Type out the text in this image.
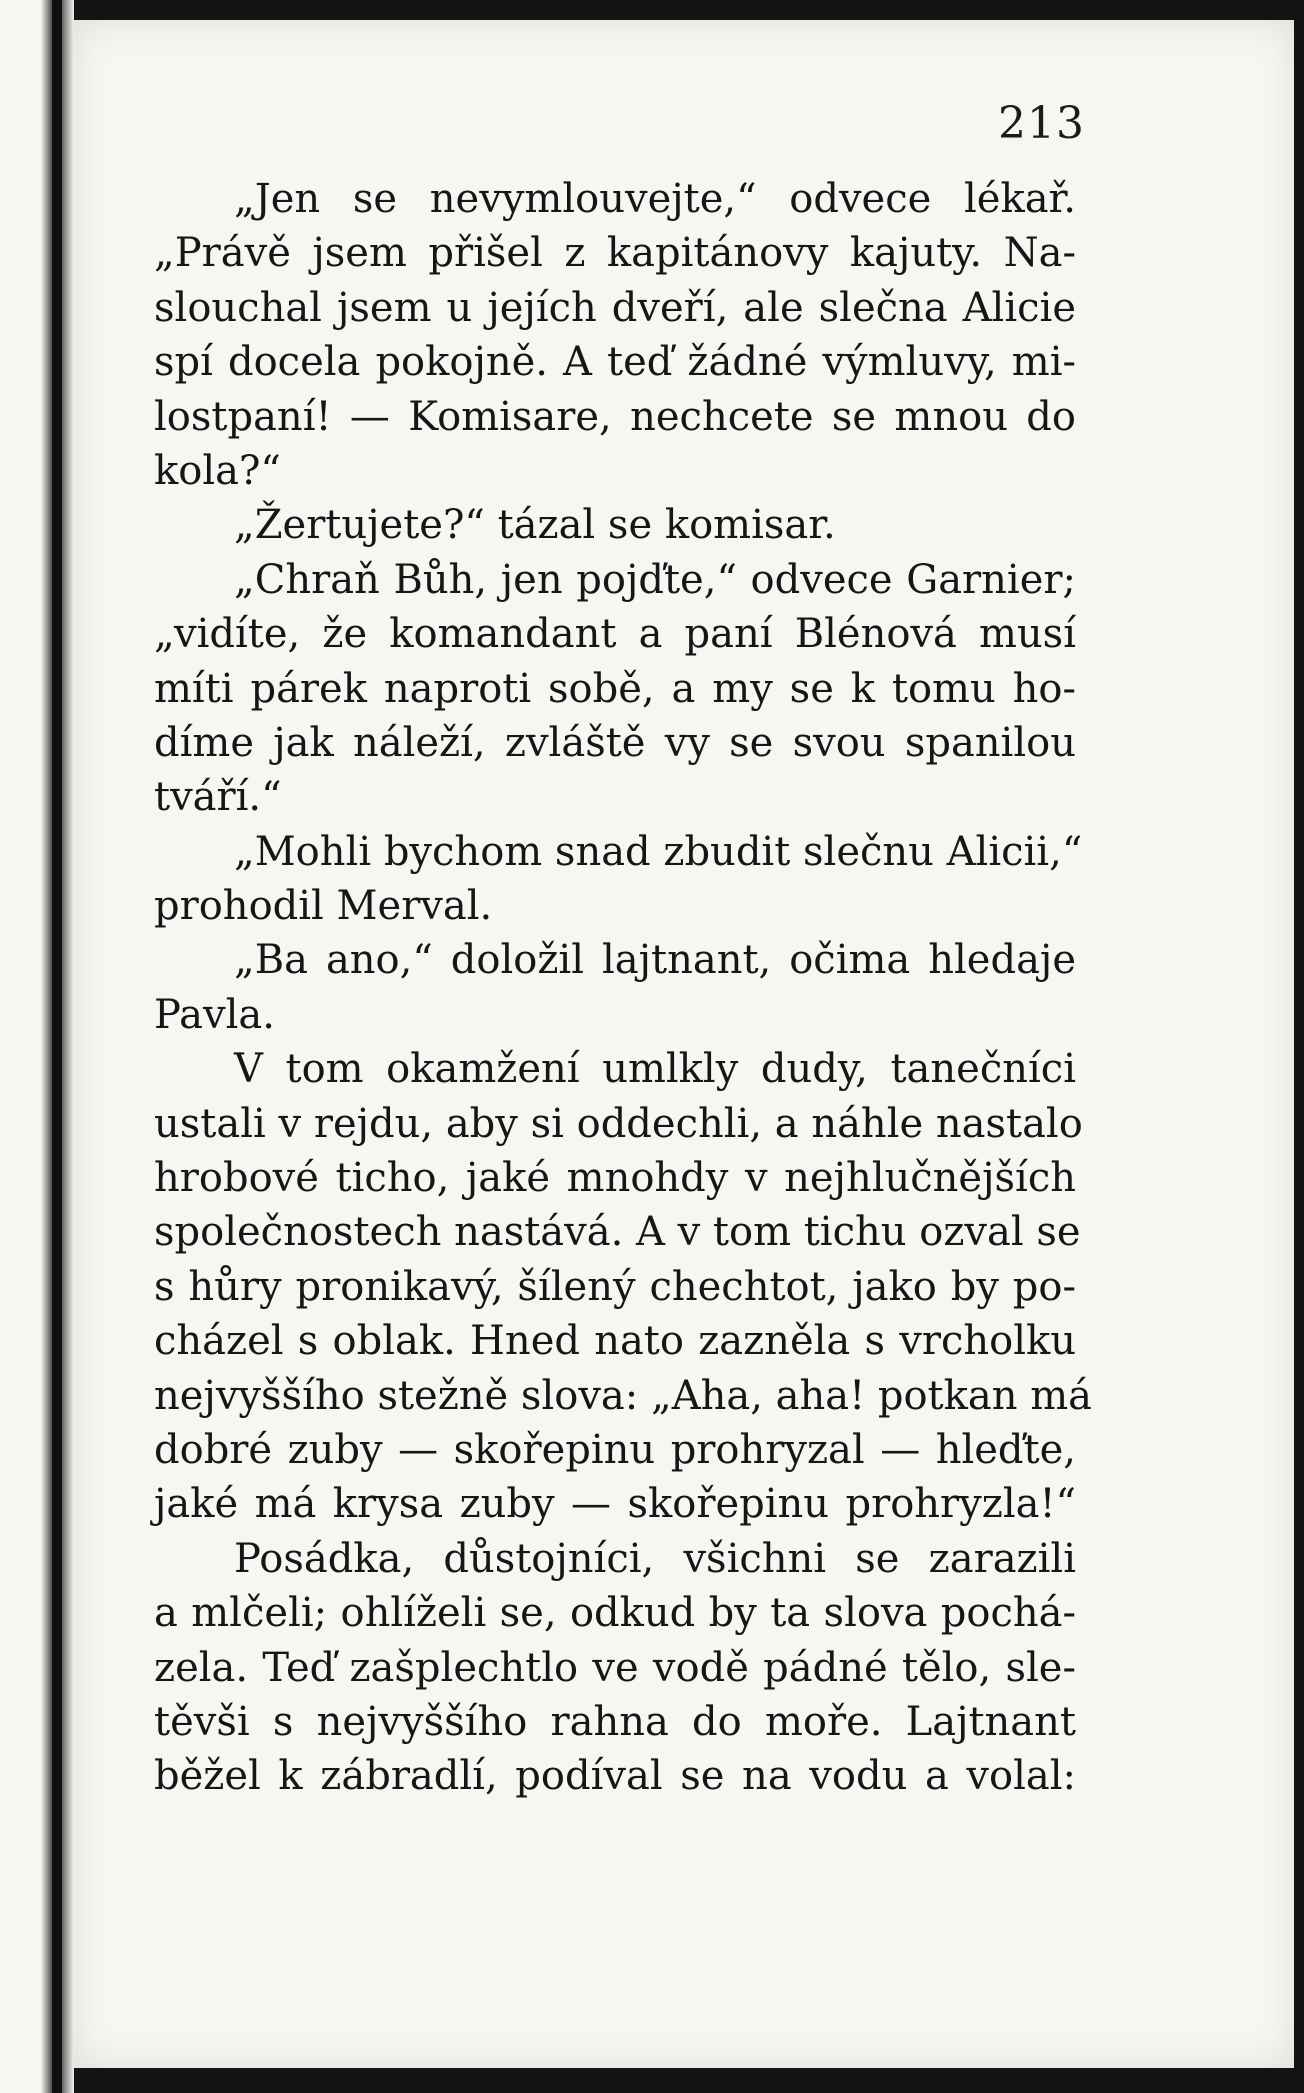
213
„Jen se nevymlouvejte,“ odvece lékař.
„Právě jsem přišel z kapitánovy kajuty. Na-
slouchal jsem u jejích dveří, ale slečna Alicie
spí docela pokojně. A teď žádné výmluvy, mi-
lostpaní! — Komisare, nechcete se mnou do
kola?“
„Žertujete?“ tázal se komisar.
„Chraň Bůh, jen pojďte,“ odvece Garnier;
„vidíte, že komandant a paní Blénová musí
míti párek naproti sobě, a my se k tomu ho-
díme jak náleží, zvláště vy se svou spanilou
tváří.“
„Mohli bychom snad zbudit slečnu Alicii,“
prohodil Merval.
„Ba ano,“ doložil lajtnant, očima hledaje
Pavla.
V tom okamžení umlkly dudy, tanečníci
ustali v rejdu, aby si oddechli, a náhle nastalo
hrobové ticho, jaké mnohdy v nejhlučnějších
společnostech nastává. A v tom tichu ozval se
s hůry pronikavý, šílený chechtot, jako by po-
cházel s oblak. Hned nato zazněla s vrcholku
nejvyššího stežně slova: „Aha, aha! potkan má
dobré zuby — skořepinu prohryzal — hleďte,
jaké má krysa zuby — skořepinu prohryzla!“
Posádka, důstojníci, všichni se zarazili
a mlčeli; ohlíželi se, odkud by ta slova pochá-
zela. Teď zašplechtlo ve vodě pádné tělo, sle-
těvši s nejvyššího rahna do moře. Lajtnant
běžel k zábradlí, podíval se na vodu a volal:
